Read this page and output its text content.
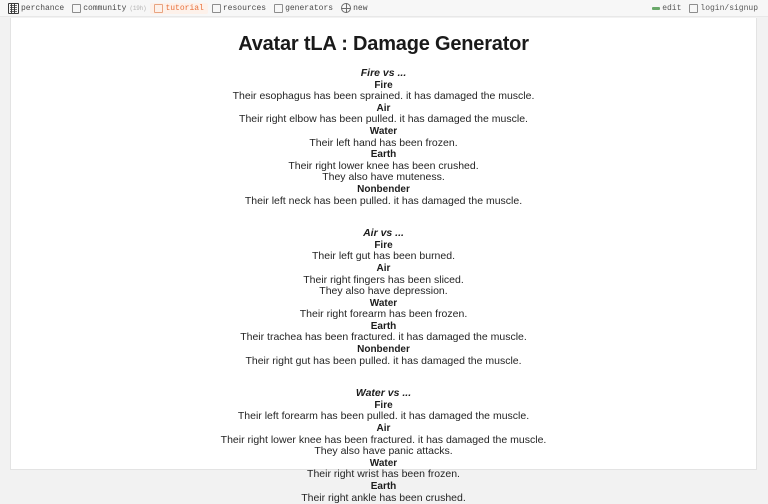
perchance community (19h) tutorial resources generators	new	edit login/signup
Avatar tLA : Damage Generator
Fire vs ...
Fire
Their esophagus has been sprained. it has damaged the muscle.
Air
Their right elbow has been pulled. it has damaged the muscle.
Water
Their left hand has been frozen.
Earth
Their right lower knee has been crushed.
They also have muteness.
Nonbender
Their left neck has been pulled. it has damaged the muscle.
Air vs ...
Fire
Their left gut has been burned.
Air
Their right fingers has been sliced.
They also have depression.
Water
Their right forearm has been frozen.
Earth
Their trachea has been fractured. it has damaged the muscle.
Nonbender
Their right gut has been pulled. it has damaged the muscle.
Water vs ...
Fire
Their left forearm has been pulled. it has damaged the muscle.
Air
Their right lower knee has been fractured. it has damaged the muscle.
They also have panic attacks.
Water
Their right wrist has been frozen.
Earth
Their right ankle has been crushed.
